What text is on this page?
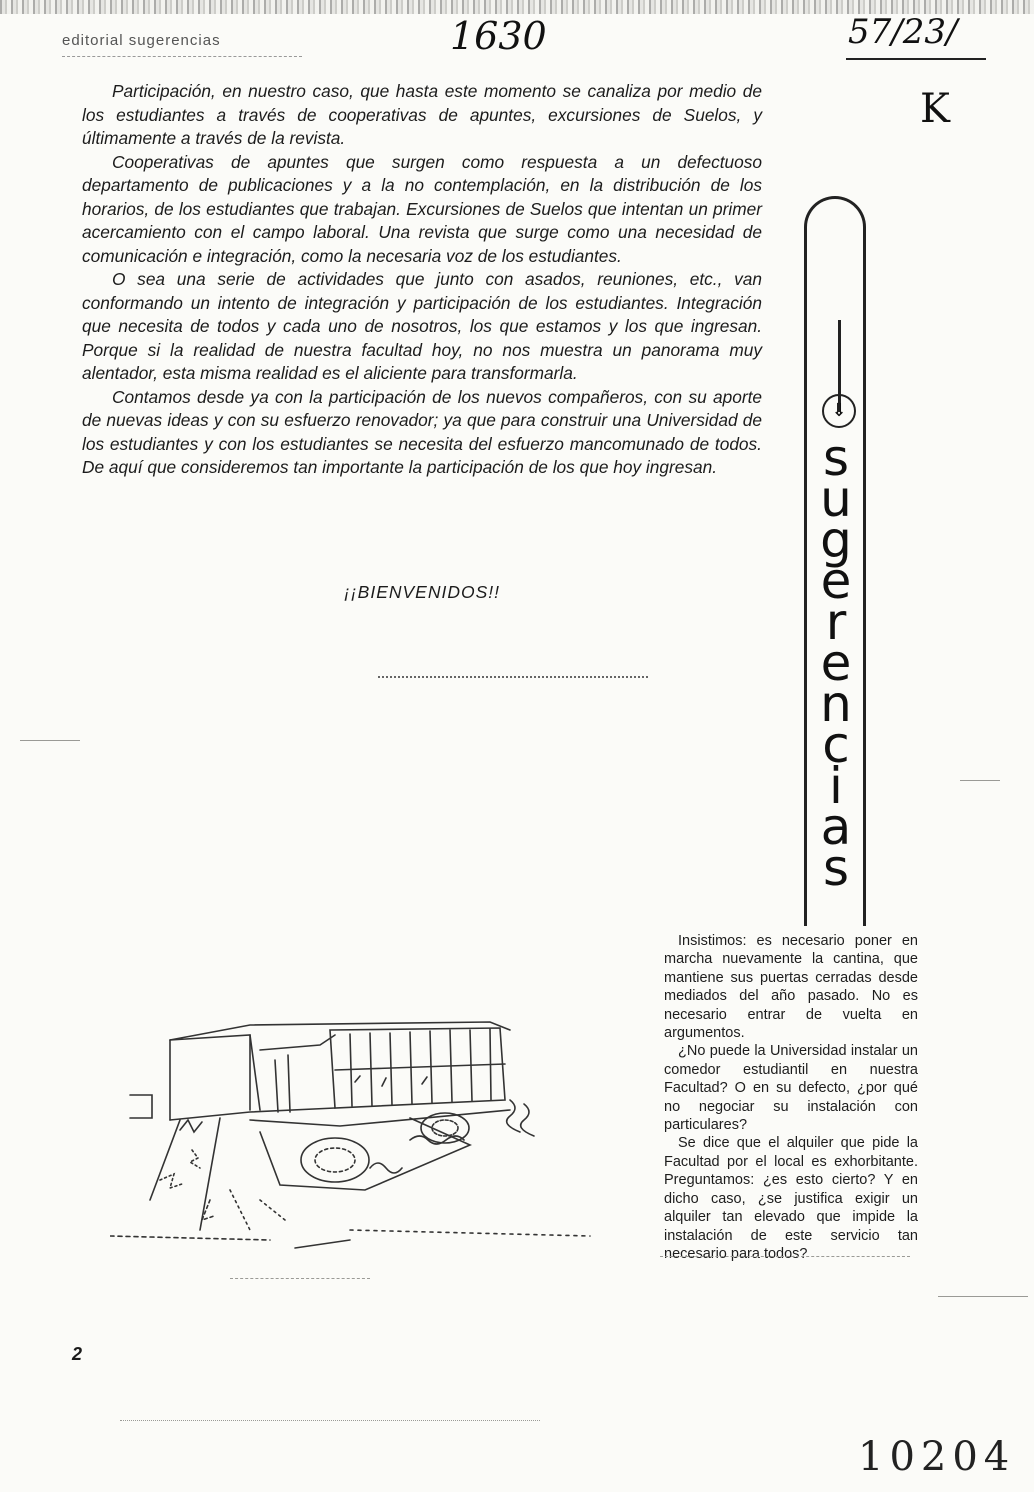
editorial sugerencias	1630	57/23/
K

Participación, en nuestro caso, que hasta este momento se canaliza por medio de los estudiantes a través de cooperativas de apuntes, excursiones de Suelos, y últimamente a través de la revista.

Cooperativas de apuntes que surgen como respuesta a un defectuoso departamento de publicaciones y a la no contemplación, en la distribución de los horarios, de los estudiantes que trabajan. Excursiones de Suelos que intentan un primer acercamiento con el campo laboral. Una revista que surge como una necesidad de comunicación e integración, como la necesaria voz de los estudiantes.

O sea una serie de actividades que junto con asados, reuniones, etc., van conformando un intento de integración y participación de los estudiantes. Integración que necesita de todos y cada uno de nosotros, los que estamos y los que ingresan. Porque si la realidad de nuestra facultad hoy, no nos muestra un panorama muy alentador, esta misma realidad es el aliciente para transformarla.

Contamos desde ya con la participación de los nuevos compañeros, con su aporte de nuevas ideas y con su esfuerzo renovador; ya que para construir una Universidad de los estudiantes y con los estudiantes se necesita del esfuerzo mancomunado de todos. De aquí que consideremos tan importante la participación de los que hoy ingresan.

¡¡BIENVENIDOS!!
⇓
s
u
g
e
r
e
n
c
i
a
s

Insistimos: es necesario poner en marcha nuevamente la cantina, que mantiene sus puertas cerradas desde mediados del año pasado. No es necesario entrar de vuelta en argumentos.

¿No puede la Universidad instalar un comedor estudiantil en nuestra Facultad? O en su defecto, ¿por qué no negociar su instalación con particulares?

Se dice que el alquiler que pide la Facultad por el local es exhorbitante. Preguntamos: ¿es esto cierto? Y en dicho caso, ¿se justifica exigir un alquiler tan elevado que impide la instalación de este servicio tan necesario para todos?

2
10204
